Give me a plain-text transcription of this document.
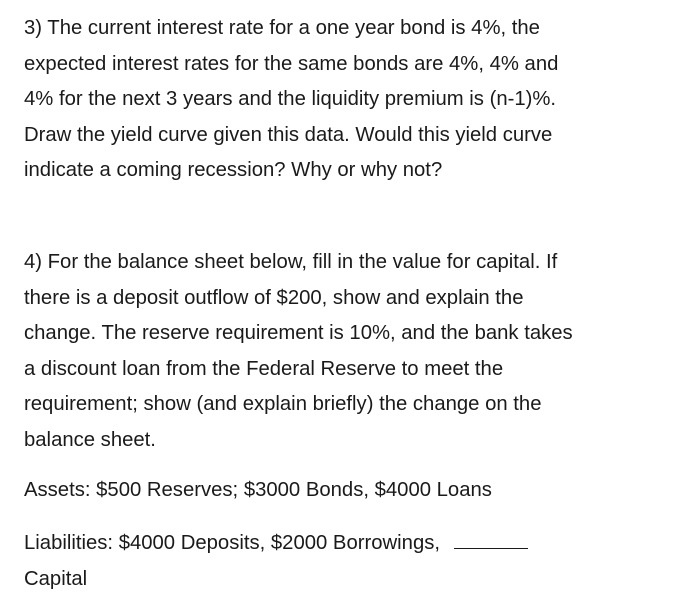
3) The current interest rate for a one year bond is 4%, the
expected interest rates for the same bonds are 4%, 4% and
4% for the next 3 years and the liquidity premium is (n-1)%.
Draw the yield curve given this data. Would this yield curve
indicate a coming recession? Why or why not?

4) For the balance sheet below, fill in the value for capital. If
there is a deposit outflow of $200, show and explain the
change. The reserve requirement is 10%, and the bank takes
a discount loan from the Federal Reserve to meet the
requirement; show (and explain briefly) the change on the
balance sheet.

Assets: $500 Reserves; $3000 Bonds, $4000 Loans

Liabilities: $4000 Deposits, $2000 Borrowings,
Capital
